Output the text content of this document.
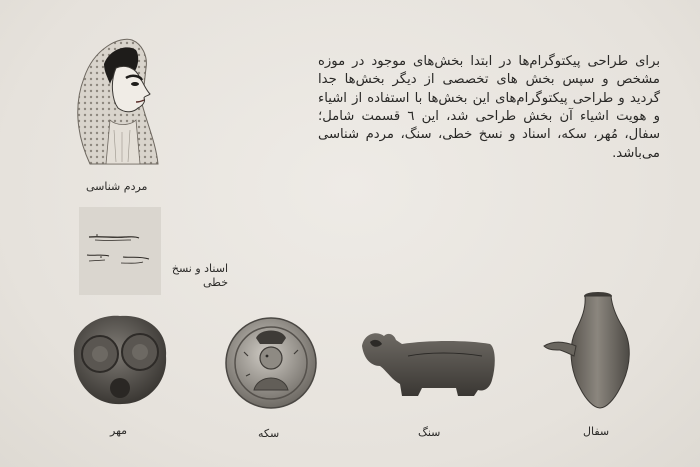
برای طراحی پیکتوگرام‌ها در ابتدا بخش‌های موجود در موزه مشخص و سپس بخش های تخصصی از دیگر بخش‌ها جدا گردید و طراحی پیکتوگرام‌های این بخش‌ها با استفاده از اشیاء و هویت اشیاء آن بخش طراحی شد، این ٦ قسمت شامل؛ سفال، مُهر، سکه، اسناد و نسخ خطی، سنگ، مردم شناسی می‌باشد.

مردم شناسی
اسناد و نسخ خطی
مهر	سکه	سنگ	سفال
